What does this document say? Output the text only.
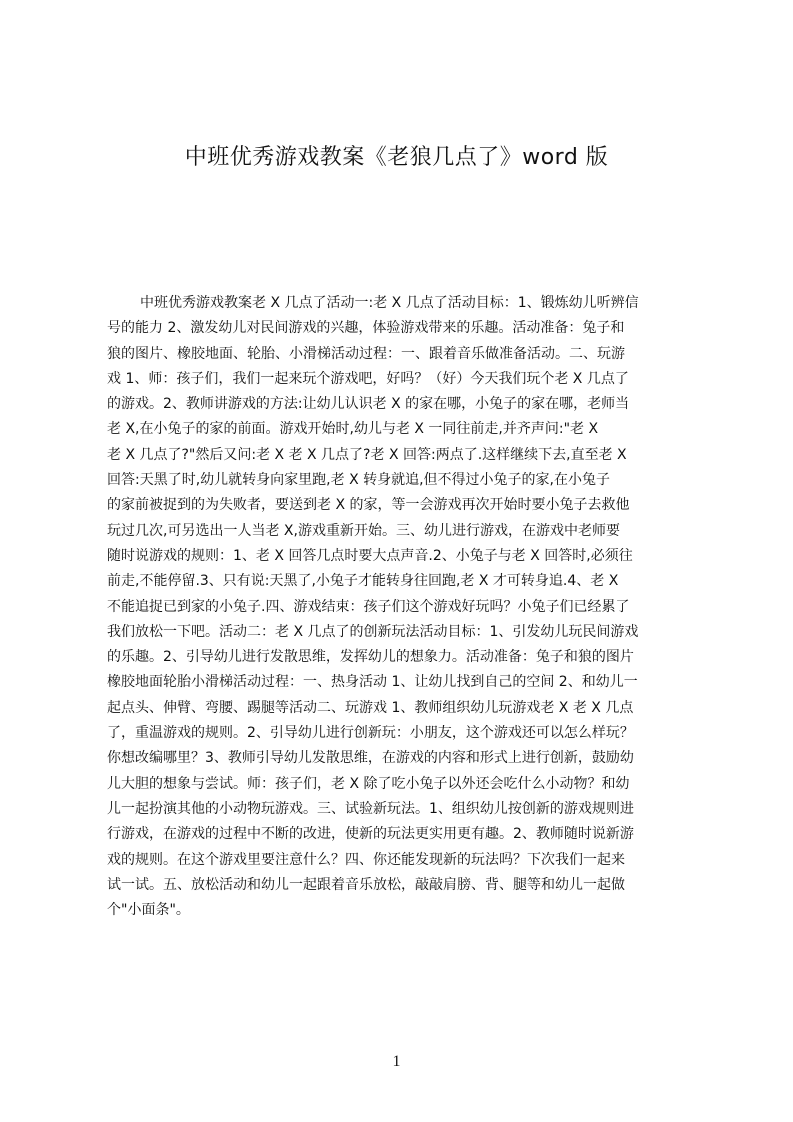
中班优秀游戏教案《老狼几点了》word 版
中班优秀游戏教案老 X 几点了活动一:老 X 几点了活动目标：1、锻炼幼儿听辨信
号的能力 2、激发幼儿对民间游戏的兴趣，体验游戏带来的乐趣。活动准备：兔子和
狼的图片、橡胶地面、轮胎、小滑梯活动过程：一、跟着音乐做准备活动。二、玩游
戏 1、师：孩子们，我们一起来玩个游戏吧，好吗？（好）今天我们玩个老 X 几点了
的游戏。2、教师讲游戏的方法:让幼儿认识老 X 的家在哪，小兔子的家在哪，老师当
老 X,在小兔子的家的前面。游戏开始时,幼儿与老 X 一同往前走,并齐声问:"老 X
老 X 几点了?"然后又问:老 X 老 X 几点了?老 X 回答:两点了.这样继续下去,直至老 X
回答:天黑了时,幼儿就转身向家里跑,老 X 转身就追,但不得过小兔子的家,在小兔子
的家前被捉到的为失败者，要送到老 X 的家，等一会游戏再次开始时要小兔子去救他
玩过几次,可另选出一人当老 X,游戏重新开始。三、幼儿进行游戏，在游戏中老师要
随时说游戏的规则：1、老 X 回答几点时要大点声音.2、小兔子与老 X 回答时,必须往
前走,不能停留.3、只有说:天黑了,小兔子才能转身往回跑,老 X 才可转身追.4、老 X
不能追捉已到家的小兔子.四、游戏结束：孩子们这个游戏好玩吗？小兔子们已经累了
我们放松一下吧。活动二：老 X 几点了的创新玩法活动目标：1、引发幼儿玩民间游戏
的乐趣。2、引导幼儿进行发散思维，发挥幼儿的想象力。活动准备：兔子和狼的图片
橡胶地面轮胎小滑梯活动过程：一、热身活动 1、让幼儿找到自己的空间 2、和幼儿一
起点头、伸臂、弯腰、踢腿等活动二、玩游戏 1、教师组织幼儿玩游戏老 X 老 X 几点
了，重温游戏的规则。2、引导幼儿进行创新玩：小朋友，这个游戏还可以怎么样玩？
你想改编哪里？3、教师引导幼儿发散思维，在游戏的内容和形式上进行创新，鼓励幼
儿大胆的想象与尝试。师：孩子们，老 X 除了吃小兔子以外还会吃什么小动物？和幼
儿一起扮演其他的小动物玩游戏。三、试验新玩法。1、组织幼儿按创新的游戏规则进
行游戏，在游戏的过程中不断的改进，使新的玩法更实用更有趣。2、教师随时说新游
戏的规则。在这个游戏里要注意什么？四、你还能发现新的玩法吗？下次我们一起来
试一试。五、放松活动和幼儿一起跟着音乐放松，敲敲肩膀、背、腿等和幼儿一起做
个"小面条"。
1
